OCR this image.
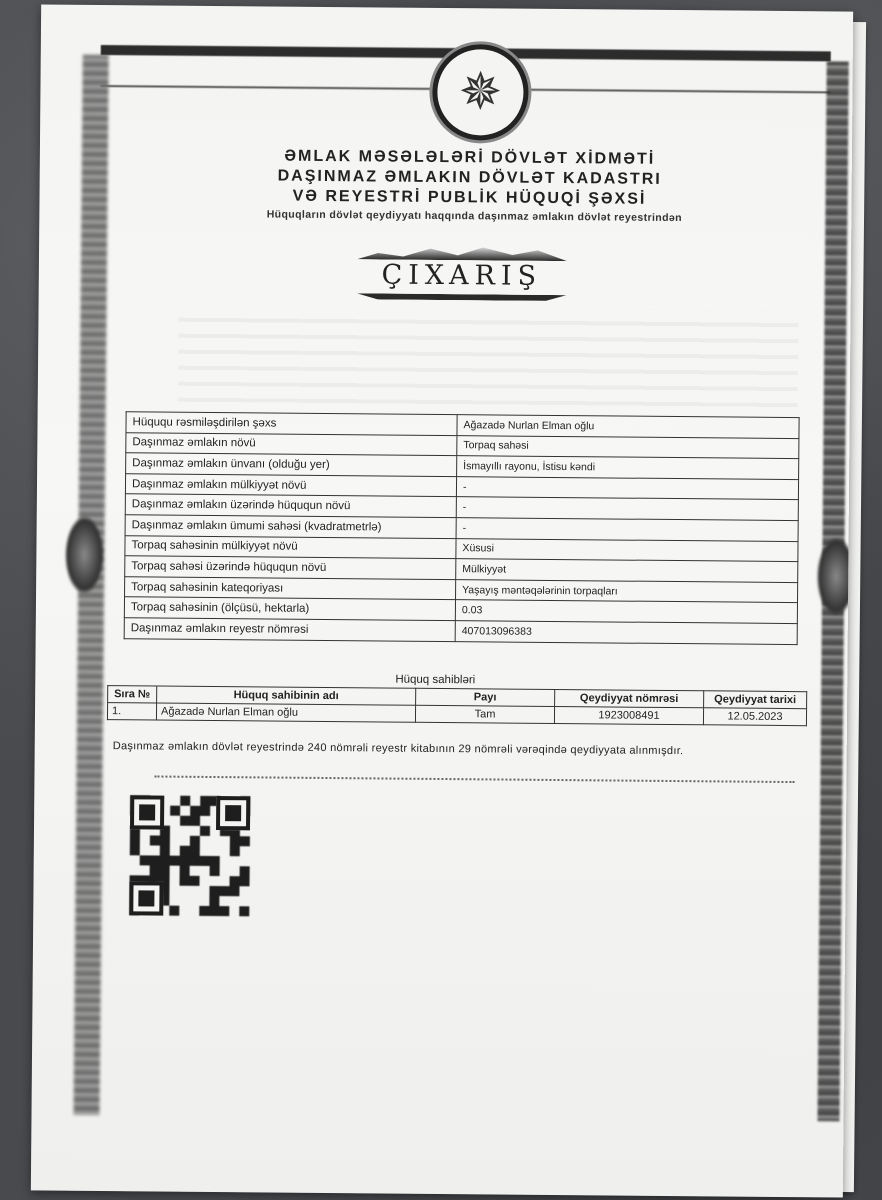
✵
ƏMLAK MƏSƏLƏLƏRİ DÖVLƏT XİDMƏTİ
DAŞINMAZ ƏMLAKIN DÖVLƏT KADASTRI
VƏ REYESTRİ PUBLİK HÜQUQİ ŞƏXSİ
Hüquqların dövlət qeydiyyatı haqqında daşınmaz əmlakın dövlət reyestrindən
ÇIXARIŞ
Hüququ rəsmiləşdirilən şəxs	Ağazadə Nurlan Elman oğlu
Daşınmaz əmlakın növü	Torpaq sahəsi
Daşınmaz əmlakın ünvanı (olduğu yer)	İsmayıllı rayonu, İstisu kəndi
Daşınmaz əmlakın mülkiyyət növü	-
Daşınmaz əmlakın üzərində hüququn növü	-
Daşınmaz əmlakın ümumi sahəsi (kvadratmetrlə)	-
Torpaq sahəsinin mülkiyyət növü	Xüsusi
Torpaq sahəsi üzərində hüququn növü	Mülkiyyət
Torpaq sahəsinin kateqoriyası	Yaşayış məntəqələrinin torpaqları
Torpaq sahəsinin (ölçüsü, hektarla)	0.03
Daşınmaz əmlakın reyestr nömrəsi	407013096383
Hüquq sahibləri
Sıra №	Hüquq sahibinin adı	Payı	Qeydiyyat nömrəsi	Qeydiyyat tarixi
1.	Ağazadə Nurlan Elman oğlu	Tam	1923008491	12.05.2023
Daşınmaz əmlakın dövlət reyestrində 240 nömrəli reyestr kitabının 29 nömrəli vərəqində qeydiyyata alınmışdır.
